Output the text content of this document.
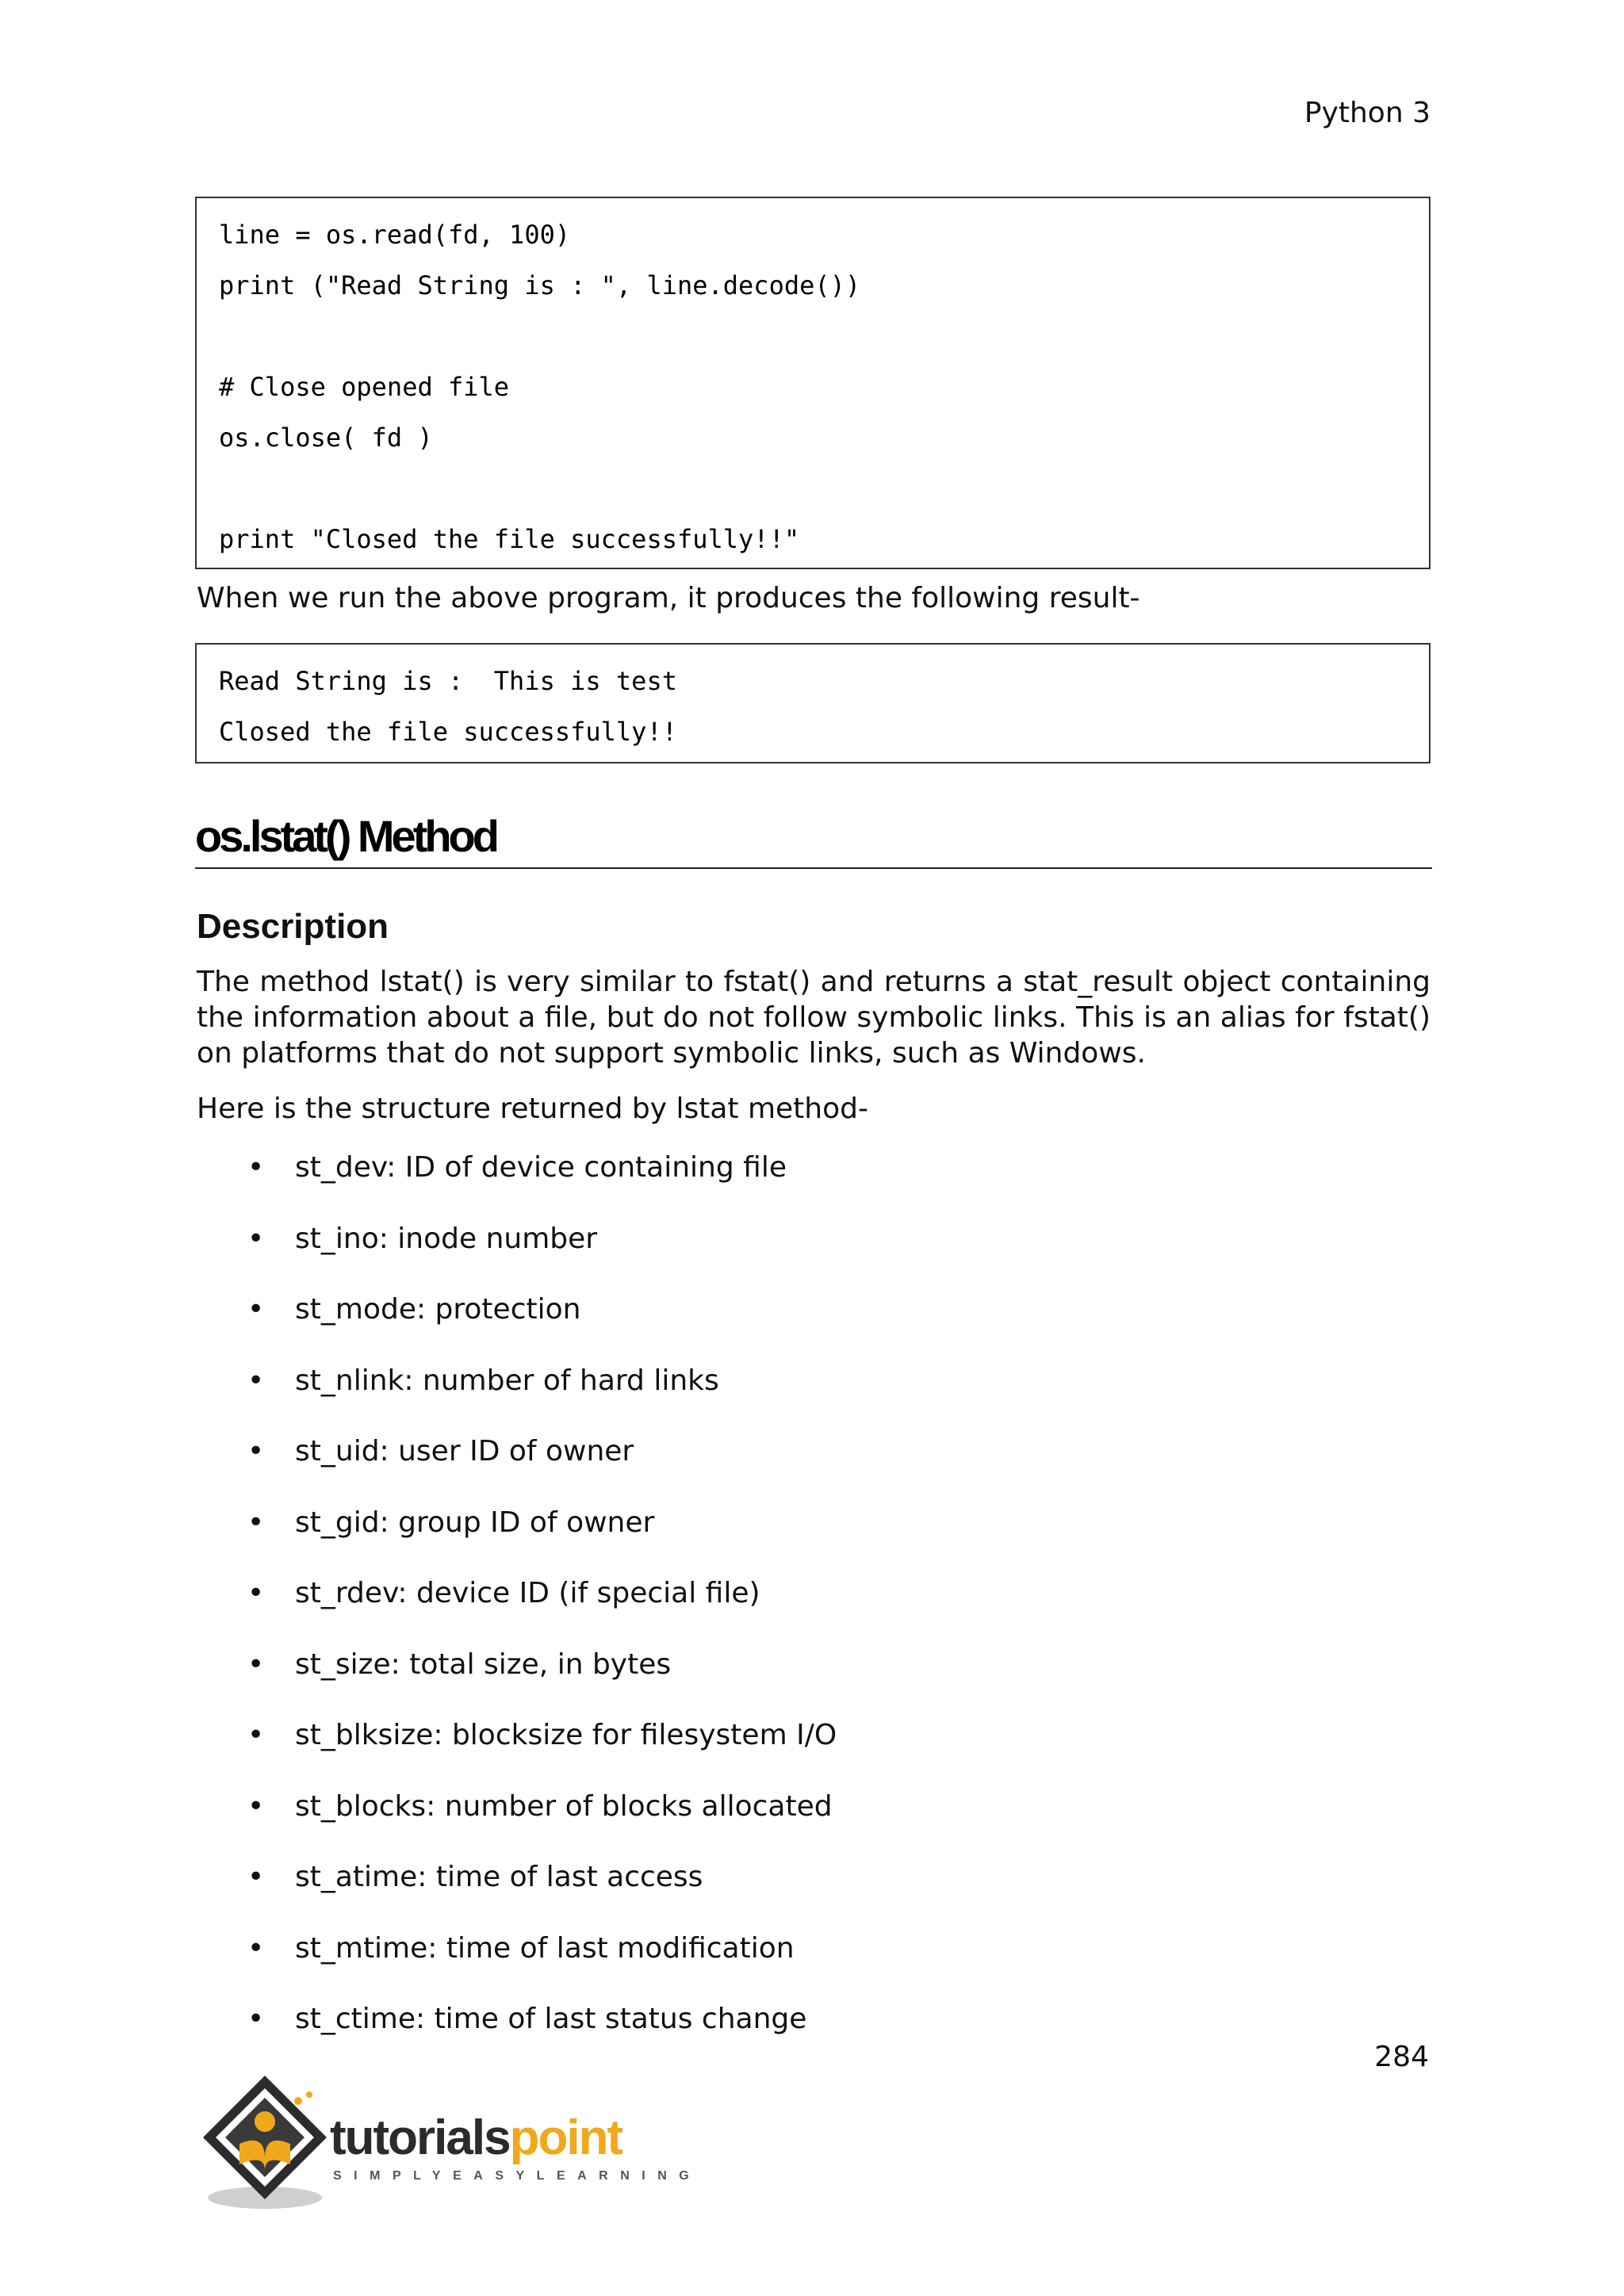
Python 3
line = os.read(fd, 100)
print ("Read String is : ", line.decode())
# Close opened file
os.close( fd )
print "Closed the file successfully!!"
When we run the above program, it produces the following result-
Read String is :  This is test
Closed the file successfully!!
os.lstat() Method
Description
The method lstat() is very similar to fstat() and returns a stat_result object containing the information about a file, but do not follow symbolic links. This is an alias for fstat() on platforms that do not support symbolic links, such as Windows.
Here is the structure returned by lstat method-
• st_dev: ID of device containing file
• st_ino: inode number
• st_mode: protection
• st_nlink: number of hard links
• st_uid: user ID of owner
• st_gid: group ID of owner
• st_rdev: device ID (if special file)
• st_size: total size, in bytes
• st_blksize: blocksize for filesystem I/O
• st_blocks: number of blocks allocated
• st_atime: time of last access
• st_mtime: time of last modification
• st_ctime: time of last status change
284
tutorialspoint
SIMPLYEASYLEARNING
